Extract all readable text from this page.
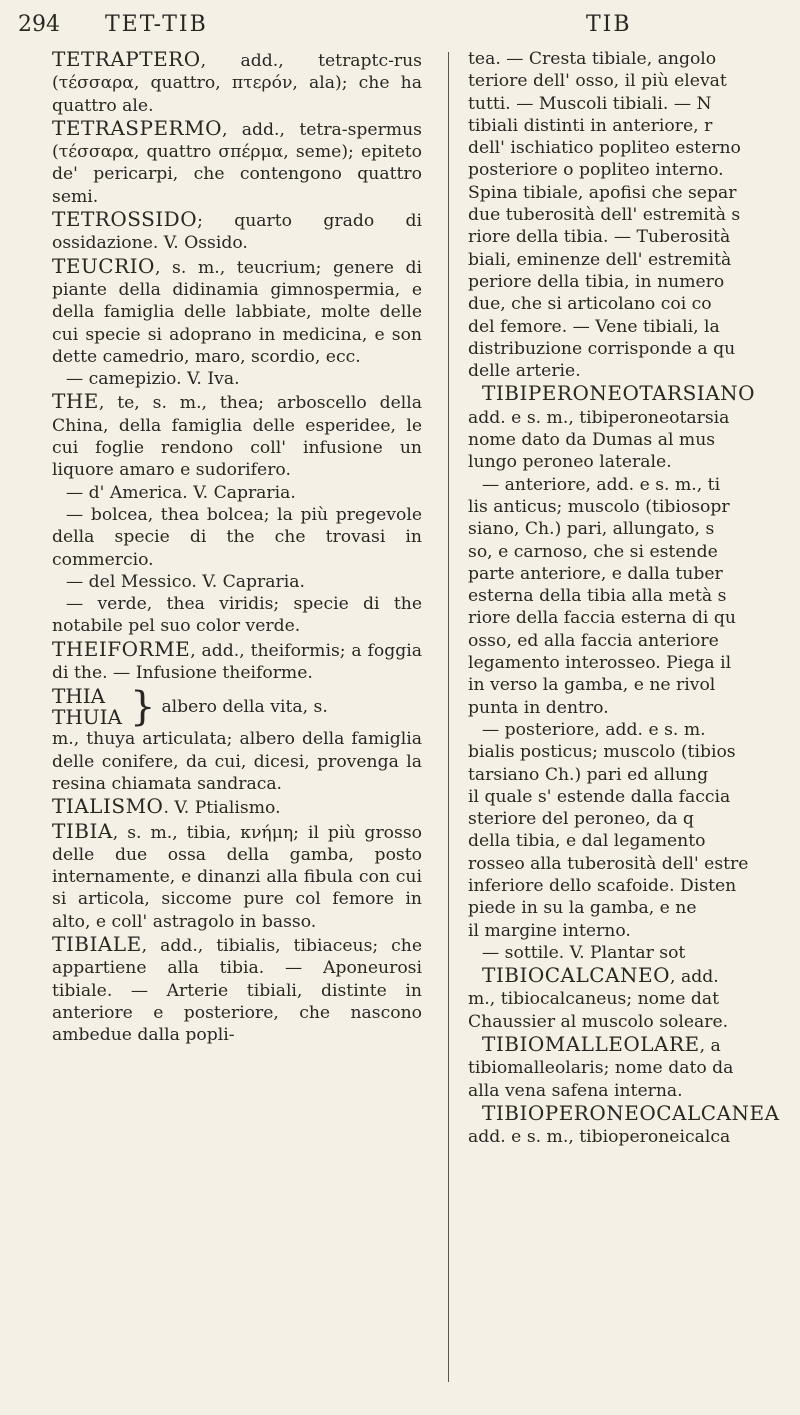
294 TET-TIB	TIB

TETRAPTERO, add., tetraptc-rus (τέσσαρα, quattro, πτερόν, ala); che ha quattro ale.

TETRASPERMO, add., tetra-spermus (τέσσαρα, quattro σπέρμα, seme); epiteto de' pericarpi, che contengono quattro semi.

TETROSSIDO; quarto grado di ossidazione. V. Ossido.

TEUCRIO, s. m., teucrium; genere di piante della didinamia gimnospermia, e della famiglia delle labbiate, molte delle cui specie si adoprano in medicina, e son dette camedrio, maro, scordio, ecc.

— camepizio. V. Iva.

THE, te, s. m., thea; arboscello della China, della famiglia delle esperidee, le cui foglie rendono coll' infusione un liquore amaro e sudorifero.

— d' America. V. Capraria.

— bolcea, thea bolcea; la più pregevole della specie di the che trovasi in commercio.

— del Messico. V. Capraria.

— verde, thea viridis; specie di the notabile pel suo color verde.

THEIFORME, add., theiformis; a foggia di the. — Infusione theiforme.

THIA
THUIA } albero della vita, s.

m., thuya articulata; albero della famiglia delle conifere, da cui, dicesi, provenga la resina chiamata sandraca.

TIALISMO. V. Ptialismo.

TIBIA, s. m., tibia, κνήμη; il più grosso delle due ossa della gamba, posto internamente, e dinanzi alla fibula con cui si articola, siccome pure col femore in alto, e coll' astragolo in basso.

TIBIALE, add., tibialis, tibiaceus; che appartiene alla tibia. — Aponeurosi tibiale. — Arterie tibiali, distinte in anteriore e posteriore, che nascono ambedue dalla popli-

tea. — Cresta tibiale, angolo

teriore dell' osso, il più elevat

tutti. — Muscoli tibiali. — N

tibiali distinti in anteriore, r

dell' ischiatico popliteo esterno

posteriore o popliteo interno.

Spina tibiale, apofisi che separ

due tuberosità dell' estremità s

riore della tibia. — Tuberosità

biali, eminenze dell' estremità

periore della tibia, in numero

due, che si articolano coi co

del femore. — Vene tibiali, la

distribuzione corrisponde a qu

delle arterie.

TIBIPERONEOTARSIANO

add. e s. m., tibiperoneotarsia

nome dato da Dumas al mus

lungo peroneo laterale.

— anteriore, add. e s. m., ti

lis anticus; muscolo (tibiosopr

siano, Ch.) pari, allungato, s

so, e carnoso, che si estende

parte anteriore, e dalla tuber

esterna della tibia alla metà s

riore della faccia esterna di qu

osso, ed alla faccia anteriore

legamento interosseo. Piega il

in verso la gamba, e ne rivol

punta in dentro.

— posteriore, add. e s. m.

bialis posticus; muscolo (tibios

tarsiano Ch.) pari ed allung

il quale s' estende dalla faccia

steriore del peroneo, da q

della tibia, e dal legamento

rosseo alla tuberosità dell' estre

inferiore dello scafoide. Disten

piede in su la gamba, e ne

il margine interno.

— sottile. V. Plantar sot

TIBIOCALCANEO, add.

m., tibiocalcaneus; nome dat

Chaussier al muscolo soleare.

TIBIOMALLEOLARE, a

tibiomalleolaris; nome dato da

alla vena safena interna.

TIBIOPERONEOCALCANEA

add. e s. m., tibioperoneicalca
